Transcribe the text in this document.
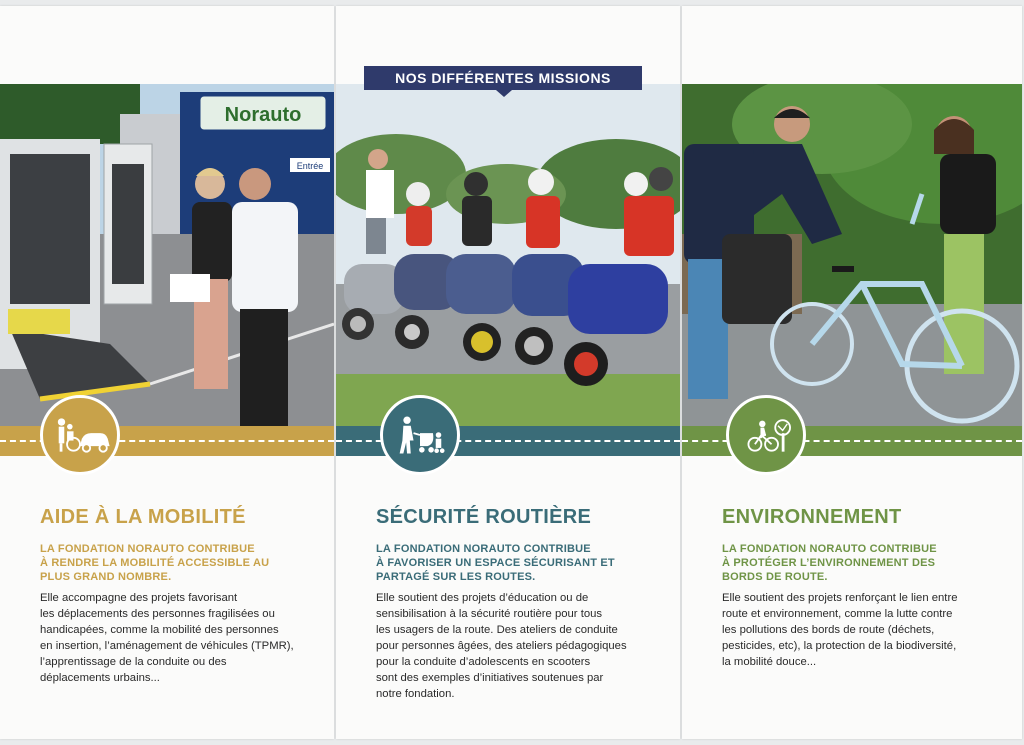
Norauto
Entrée
AIDE À LA MOBILITÉ
LA FONDATION NORAUTO CONTRIBUE
À RENDRE LA MOBILITÉ ACCESSIBLE AU
PLUS GRAND NOMBRE.
Elle accompagne des projets favorisant
les déplacements des personnes fragilisées ou
handicapées, comme la mobilité des personnes
en insertion, l’aménagement de véhicules (TPMR),
l’apprentissage de la conduite ou des
déplacements urbains...
NOS DIFFÉRENTES MISSIONS
SÉCURITÉ ROUTIÈRE
LA FONDATION NORAUTO CONTRIBUE
À FAVORISER UN ESPACE SÉCURISANT ET
PARTAGÉ SUR LES ROUTES.
Elle soutient des projets d’éducation ou de
sensibilisation à la sécurité routière pour tous
les usagers de la route. Des ateliers de conduite
pour personnes âgées, des ateliers pédagogiques
pour la conduite d’adolescents en scooters
sont des exemples d’initiatives soutenues par
notre fondation.
ENVIRONNEMENT
LA FONDATION NORAUTO CONTRIBUE
À PROTÉGER L’ENVIRONNEMENT DES
BORDS DE ROUTE.
Elle soutient des projets renforçant le lien entre
route et environnement, comme la lutte contre
les pollutions des bords de route (déchets,
pesticides, etc), la protection de la biodiversité,
la mobilité douce...
